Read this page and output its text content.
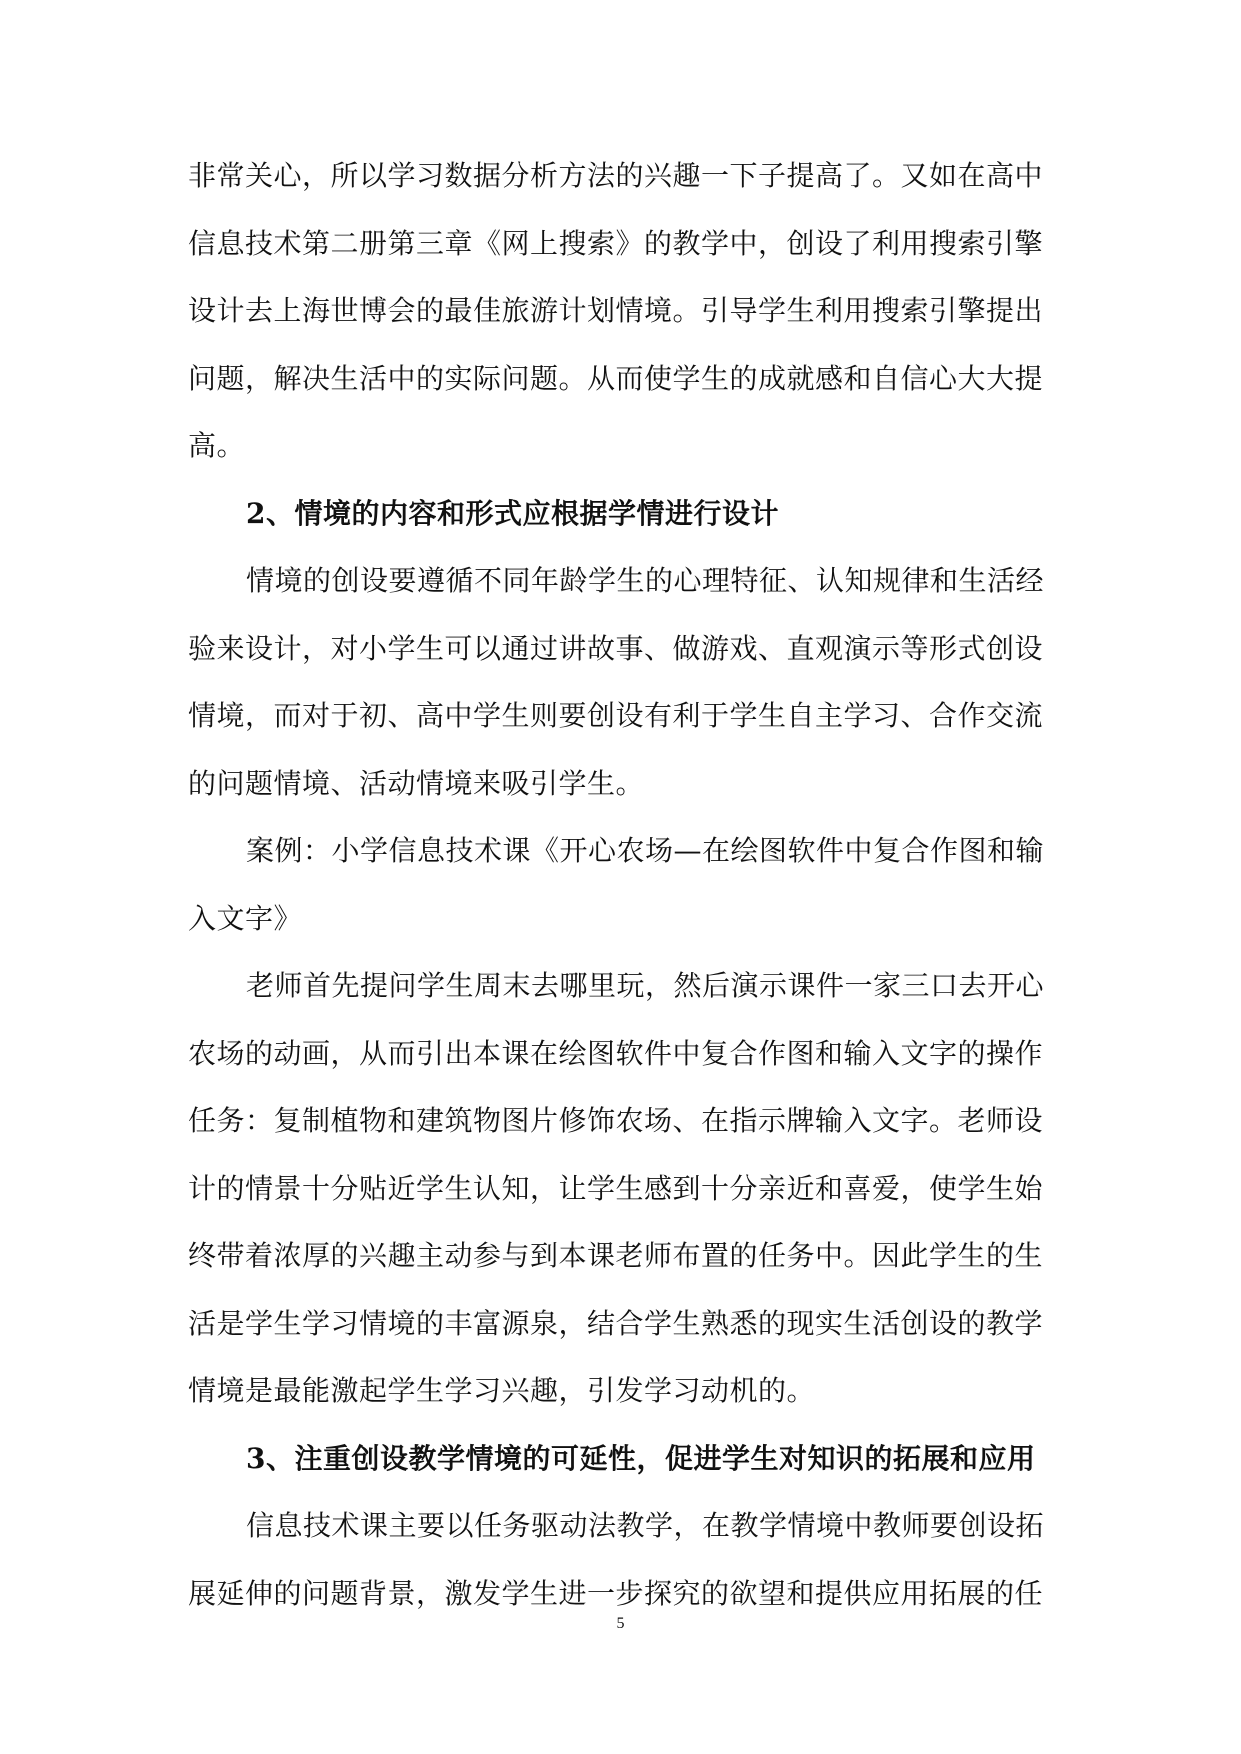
非常关心，所以学习数据分析方法的兴趣一下子提高了。又如在高中
信息技术第二册第三章《网上搜索》的教学中，创设了利用搜索引擎
设计去上海世博会的最佳旅游计划情境。引导学生利用搜索引擎提出
问题，解决生活中的实际问题。从而使学生的成就感和自信心大大提
高。
2、情境的内容和形式应根据学情进行设计
情境的创设要遵循不同年龄学生的心理特征、认知规律和生活经
验来设计，对小学生可以通过讲故事、做游戏、直观演示等形式创设
情境，而对于初、高中学生则要创设有利于学生自主学习、合作交流
的问题情境、活动情境来吸引学生。
案例：小学信息技术课《开心农场—在绘图软件中复合作图和输
入文字》
老师首先提问学生周末去哪里玩，然后演示课件一家三口去开心
农场的动画，从而引出本课在绘图软件中复合作图和输入文字的操作
任务：复制植物和建筑物图片修饰农场、在指示牌输入文字。老师设
计的情景十分贴近学生认知，让学生感到十分亲近和喜爱，使学生始
终带着浓厚的兴趣主动参与到本课老师布置的任务中。因此学生的生
活是学生学习情境的丰富源泉，结合学生熟悉的现实生活创设的教学
情境是最能激起学生学习兴趣，引发学习动机的。
3、注重创设教学情境的可延性，促进学生对知识的拓展和应用
信息技术课主要以任务驱动法教学，在教学情境中教师要创设拓
展延伸的问题背景，激发学生进一步探究的欲望和提供应用拓展的任
5
